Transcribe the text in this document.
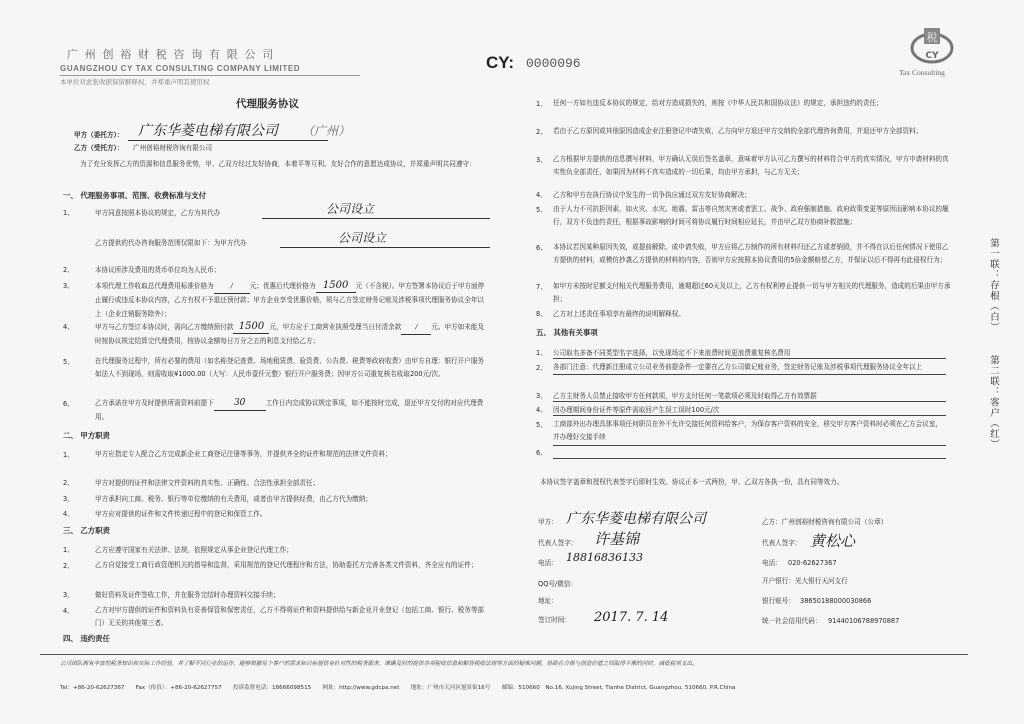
广 州 创 裕 财 税 咨 询 有 限 公 司
GUANGZHOU CY TAX CONSULTING COMPANY LIMITED
本单位对此张收据保留解释权，并郑重声明其使用权
CY: 0000096
税
CY
Tax Consulting
代理服务协议
甲方（委托方）： 广东华菱电梯有限公司 （广州）
乙方（受托方）： 广州创裕财税咨询有限公司
为了充分发挥乙方的资源和信息服务优势，甲、乙双方经过友好协商，本着平等互利、友好合作的意愿达成协议，并郑重声明共同遵守：
一、 代理服务事项、范围、收费标准与支付
1、	甲方同意按照本协议的规定，乙方为其代办	公司设立
乙方提供的代办咨询服务范围仅限如下：为甲方代办	公司设立
2、	本协议所涉及费用的货币单位均为人民币；
3、	本项代理工作收取总代理费用标准价格为	/	元；优惠后代理价格为 1500 元（不含税）。甲方签署本协议后于甲方面停止履行或违反本协议内容，乙方有权不予退还预付款；甲方企业享受优惠价格，须与乙方签定财务记账及涉税事项代理服务协议全年以上（企业注销服务除外）；
4、	甲方与乙方签订本协议时，需向乙方缴纳预付款 1500 元，甲方应于工商营业执照受理当日付清余款 / 元。甲方如未能及时按协议规定结算完代理费用，按协议金额每日万分之五的利息支付给乙方；
5、	在代理服务过程中，所有必要的费用（如名称登记查费、场地租赁费、验资费、公告费、税费等政府收费）由甲方自理：银行开户服务如法人不到现场，则需收取¥1000.00（大写：人民币壹仟元整）银行开户服务费；因甲方公司重复核名收取200元/次。
6、	乙方承诺在甲方及时提供所需资料前提下 30	工作日内完成协议规定事项，如不能按时完成，退还甲方交付的对应代理费用。
二、 甲方职责
1、	甲方应指定专人配合乙方完成新企业工商登记注册等事务，并提供齐全的证件和规范的法律文件资料；
2、	甲方对提供的证件和法律文件资料的真实性、正确性、合法性承担全部责任；
3、	甲方承担向工商、税务、银行等单位缴纳的有关费用，或者由甲方提供经费，由乙方代为缴纳；
4、	甲方应对提供的证件和文件传递过程中的登记和保管工作。
三、 乙方职责
1、	乙方应遵守国家有关法律、法规，依照规定从事企业登记代理工作；
2、	乙方自觉接受工商行政管理机关的指导和监督，采用规范的登记代理程序和方法，协助委托方完善各类文件资料，齐全应有的证件；
3、	做好资料及证件签收工作，并在服务完结时办理资料交接手续；
4、	乙方对甲方提供的证件和资料负有妥善保管和保密责任，乙方不得将证件和资料提供给与新企业开业登记（包括工商、银行、税务等部门）无关的其他第三者。
四、 违约责任
1、 任何一方如有违反本协议的规定，给对方造成损失的，则按《中华人民共和国协议法》的规定，承担违约的责任；
2、 若由于乙方原因或其他原因造成企业注册登记申请失败，乙方向甲方退还甲方交纳的全部代理咨询费用，并退还甲方全部资料；
3、 乙方根据甲方提供的信息撰写材料，甲方确认无误后签名盖章，意味着甲方认可乙方撰写的材料符合甲方的真实情况，甲方申请材料的真实性负全部责任，如果因为材料不真实造成的一切后果，均由甲方承担，与乙方无关；
4、 乙方和甲方在执行协议中发生的一切争执应通过双方友好协商解决；
5、 由于人力不可抗拒因素，如火灾、水灾、地震、雷击等自然灾害或者罢工、战争、政府强制措施、政府政策变更等原因而影响本协议的履行，双方不负违约责任，根据事故影响的时间可将协议履行时间相应延长，并由甲乙双方协商补救措施；
6、 本协议若因某种原因失效，或提前解除，或申请失败，甲方应将乙方制作的所有材料归还乙方或者销毁，并不得在以后任何情况下使用乙方提供的材料，或模仿抄袭乙方提供的材料的内容，否则甲方应按照本协议费用的5倍金额赔偿乙方，并保证以后不得再有此侵权行为；
7、 如甲方未按时足额支付相关代理服务费用，逾期超过60天及以上，乙方有权利停止提供一切与甲方相关的代理服务，造成的后果由甲方承担；
8、 乙方对上述责任事项享有最终的说明解释权。
五、 其他有关事项
1、 公司取名多备不同类型名字选择，以免现场定不下来浪费时间更浪费重复核名费用
2、 各部门注意：代理新注册成立公司业务前提条件一定要在乙方公司做记账业务，签定财务记账及涉税事项代理服务协议全年以上
3、 乙方主财务人员禁止接收甲方任何款项，甲方支付任何一笔款项必须及时取得乙方有效票据
4、 因办理期间身份证件等原件需取回产生误工误时100元/次
5、 工商部外出办理具体事项任何职员在外不允许交接任何资料给客户，为保存客户资料的安全，移交甲方客户资料时必须在乙方会议室，并办理好交接手续
6、
本协议签字盖章和授权代表签字后即时生效。协议正本一式两份，甲、乙双方各执一份，具有同等效力。
甲方： 广东华菱电梯有限公司
代表人签字： 许基锦
电话： 18816836133
QQ号/微信：
地址：
签订时间： 2017. 7. 14
乙方：广州创裕财税咨询有限公司（公章）
代表人签字： 黄松心
电话： 020-62627367
开户银行：光大银行天河支行
银行账号： 38650188000030866
统一社会信用代码： 91440106788970887
第一联：存根（白）
第二联：客户（红）
公司团队拥有丰富的税务知识和实际工作经验，并了解不同行业的运作，能够根据每个客户的需求和目标提供有针对性的税务服务，准确及时的提供各项税收信息和解答税收法规等方面的疑难问题，协助在合规与创造价值之间取得平衡的同时，减低税项支出。
Tel：+86-20-62627367　　Fax（传真）：+86-20-62627757　　投诉监督电话：18666098515　　网址：http://www.gdcpa.net　　地址：广州市天河区旭景街16号　　邮编：510660　No.16, Xujing Street, Tianhe District, Guangzhou, 510660, P.R.China
